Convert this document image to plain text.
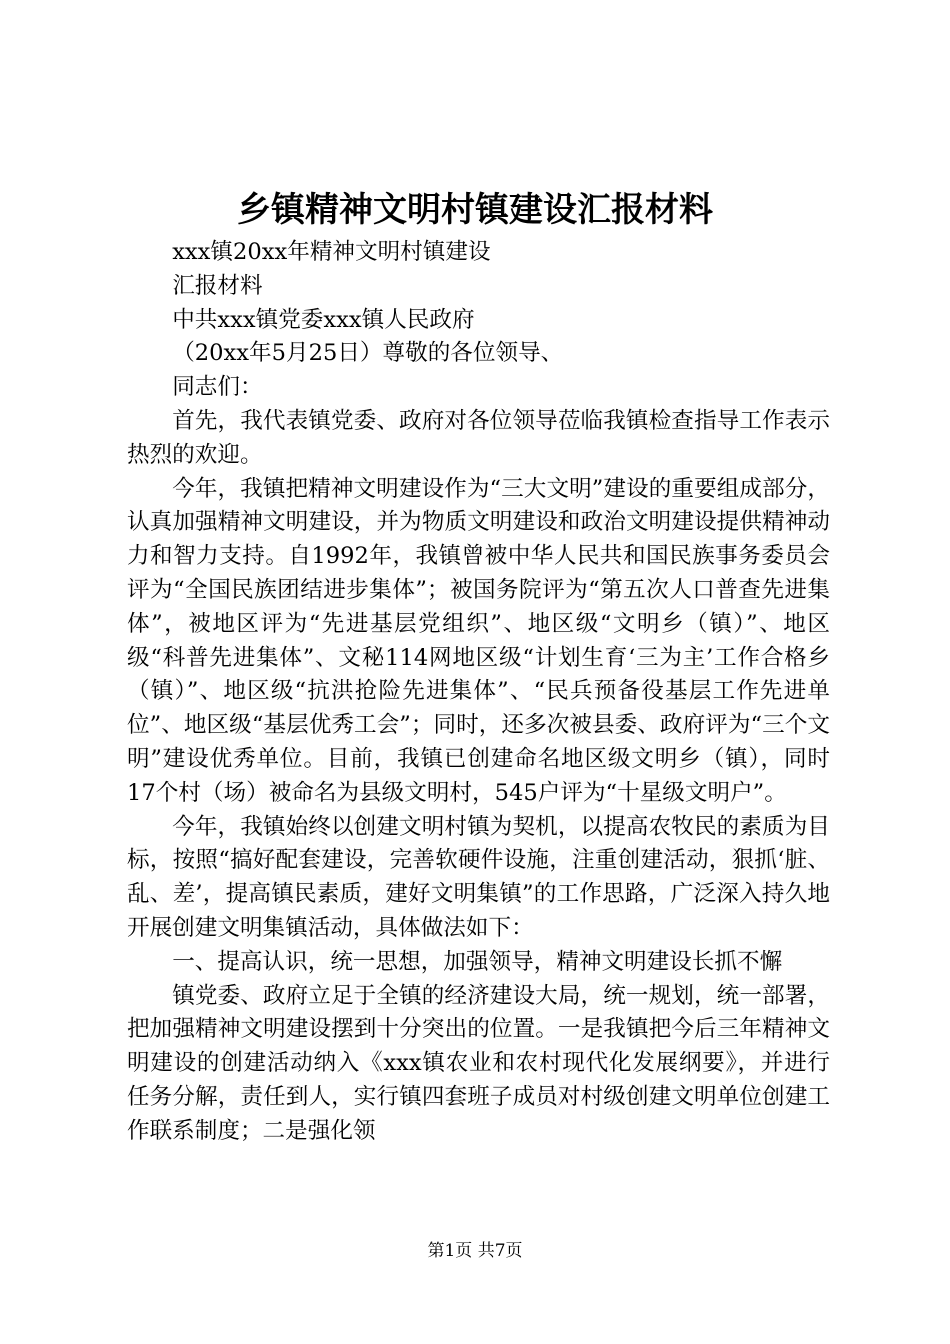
乡镇精神文明村镇建设汇报材料

xxx镇20xx年精神文明村镇建设

汇报材料

中共xxx镇党委xxx镇人民政府

（20xx年5月25日）尊敬的各位领导、

同志们：

首先，我代表镇党委、政府对各位领导莅临我镇检查指导工作表示热烈的欢迎。

今年，我镇把精神文明建设作为“三大文明”建设的重要组成部分，认真加强精神文明建设，并为物质文明建设和政治文明建设提供精神动力和智力支持。自1992年，我镇曾被中华人民共和国民族事务委员会评为“全国民族团结进步集体”；被国务院评为“第五次人口普查先进集体”，被地区评为“先进基层党组织”、地区级“文明乡（镇）”、地区级“科普先进集体”、文秘114网地区级“计划生育‘三为主’工作合格乡（镇）”、地区级“抗洪抢险先进集体”、“民兵预备役基层工作先进单位”、地区级“基层优秀工会”；同时，还多次被县委、政府评为“三个文明”建设优秀单位。目前，我镇已创建命名地区级文明乡（镇），同时17个村（场）被命名为县级文明村，545户评为“十星级文明户”。

今年，我镇始终以创建文明村镇为契机，以提高农牧民的素质为目标，按照“搞好配套建设，完善软硬件设施，注重创建活动，狠抓‘脏、乱、差’，提高镇民素质，建好文明集镇”的工作思路，广泛深入持久地开展创建文明集镇活动，具体做法如下：

一、提高认识，统一思想，加强领导，精神文明建设长抓不懈

镇党委、政府立足于全镇的经济建设大局，统一规划，统一部署，把加强精神文明建设摆到十分突出的位置。一是我镇把今后三年精神文明建设的创建活动纳入《xxx镇农业和农村现代化发展纲要》，并进行任务分解，责任到人，实行镇四套班子成员对村级创建文明单位创建工作联系制度；二是强化领

第1页 共7页
